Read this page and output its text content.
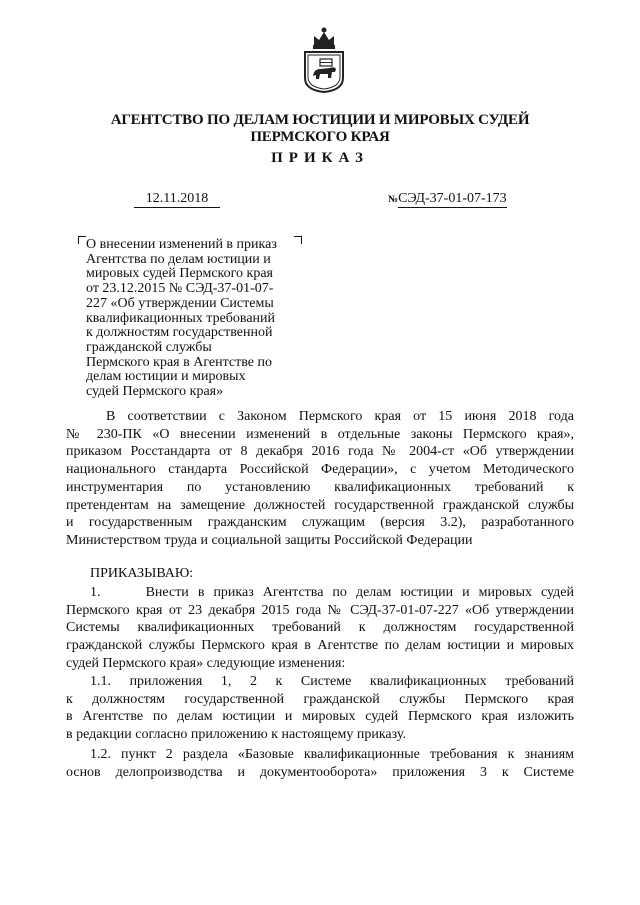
АГЕНТСТВО ПО ДЕЛАМ ЮСТИЦИИ И МИРОВЫХ СУДЕЙ
ПЕРМСКОГО КРАЯ
ПРИКАЗ
12.11.2018	№СЭД-37-01-07-173
О внесении изменений в приказ
Агентства по делам юстиции и
мировых судей Пермского края
от 23.12.2015 № СЭД-37-01-07-
227 «Об утверждении Системы
квалификационных требований
к должностям государственной
гражданской службы
Пермского края в Агентстве по
делам юстиции и мировых
судей Пермского края»
В соответствии с Законом Пермского края от 15 июня 2018 года
№ 230-ПК «О внесении изменений в отдельные законы Пермского края»,
приказом Росстандарта от 8 декабря 2016 года № 2004-ст «Об утверждении
национального стандарта Российской Федерации», с учетом Методического
инструментария по установлению квалификационных требований к
претендентам на замещение должностей государственной гражданской службы
и государственным гражданским служащим (версия 3.2), разработанного
Министерством труда и социальной защиты Российской Федерации
ПРИКАЗЫВАЮ:
1.     Внести в приказ Агентства по делам юстиции и мировых судей
Пермского края от 23 декабря 2015 года № СЭД-37-01-07-227 «Об утверждении
Системы квалификационных требований к должностям государственной
гражданской службы Пермского края в Агентстве по делам юстиции и мировых
судей Пермского края» следующие изменения:
1.1. приложения 1, 2 к Системе квалификационных требований
к должностям государственной гражданской службы Пермского края
в Агентстве по делам юстиции и мировых судей Пермского края изложить
в редакции согласно приложению к настоящему приказу.
1.2. пункт 2 раздела «Базовые квалификационные требования к знаниям
основ делопроизводства и документооборота» приложения 3 к Системе
